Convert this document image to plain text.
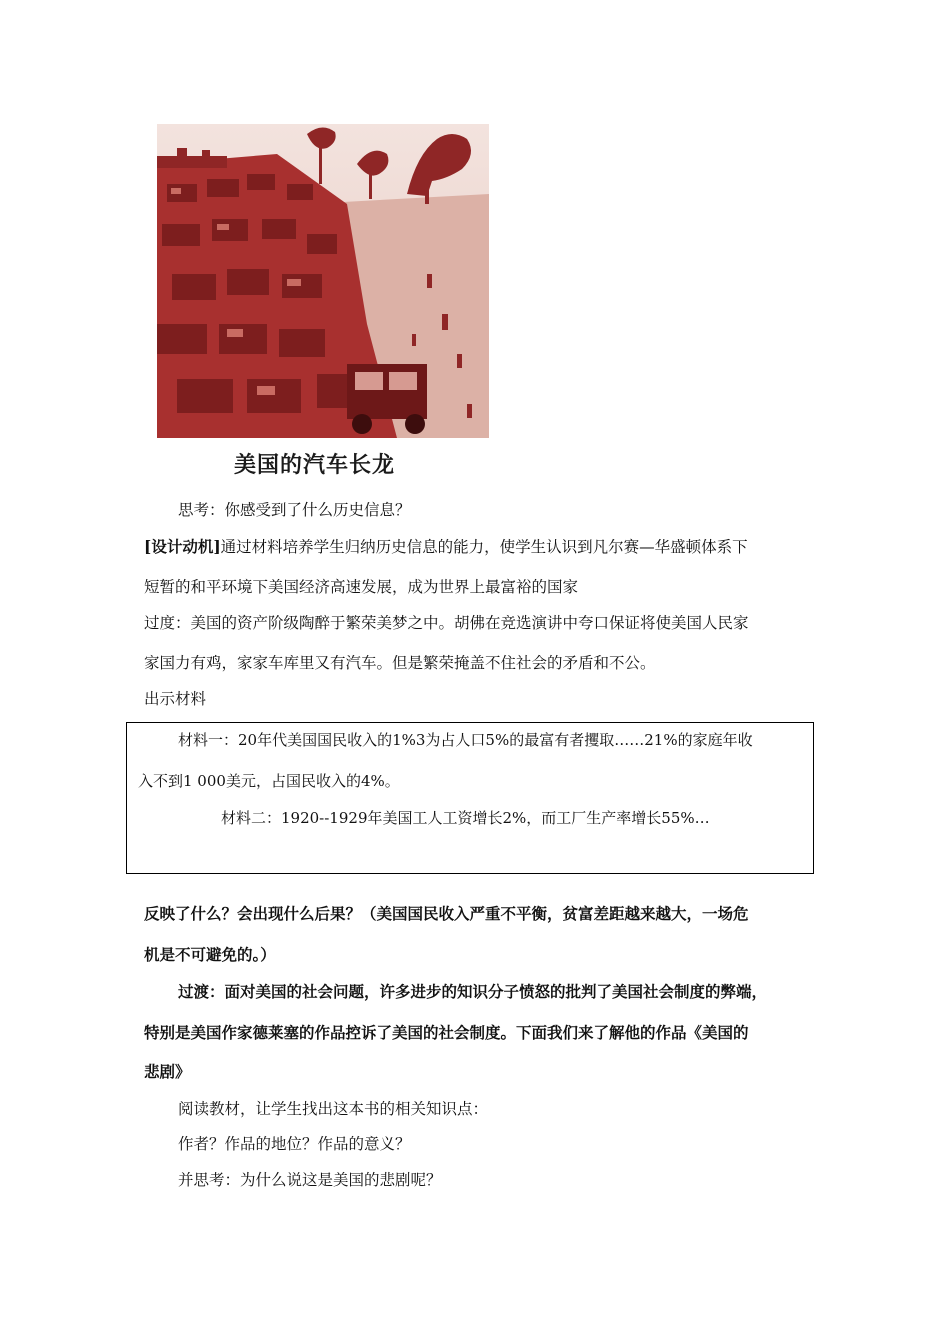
美国的汽车长龙
思考：你感受到了什么历史信息？
[设计动机]通过材料培养学生归纳历史信息的能力，使学生认识到凡尔赛—华盛顿体系下
短暂的和平环境下美国经济高速发展，成为世界上最富裕的国家
过度：美国的资产阶级陶醉于繁荣美梦之中。胡佛在竞选演讲中夸口保证将使美国人民家
家国力有鸡，家家车库里又有汽车。但是繁荣掩盖不住社会的矛盾和不公。
出示材料
材料一：20年代美国国民收入的1%3为占人口5%的最富有者攫取……21%的家庭年收
入不到1 000美元，占国民收入的4%。
材料二：1920--1929年美国工人工资增长2%，而工厂生产率增长55%…
反映了什么？会出现什么后果？（美国国民收入严重不平衡，贫富差距越来越大，一场危
机是不可避免的。）
过渡：面对美国的社会问题，许多进步的知识分子愤怒的批判了美国社会制度的弊端，
特别是美国作家德莱塞的作品控诉了美国的社会制度。下面我们来了解他的作品《美国的
悲剧》
阅读教材，让学生找出这本书的相关知识点：
作者？作品的地位？作品的意义？
并思考：为什么说这是美国的悲剧呢？
